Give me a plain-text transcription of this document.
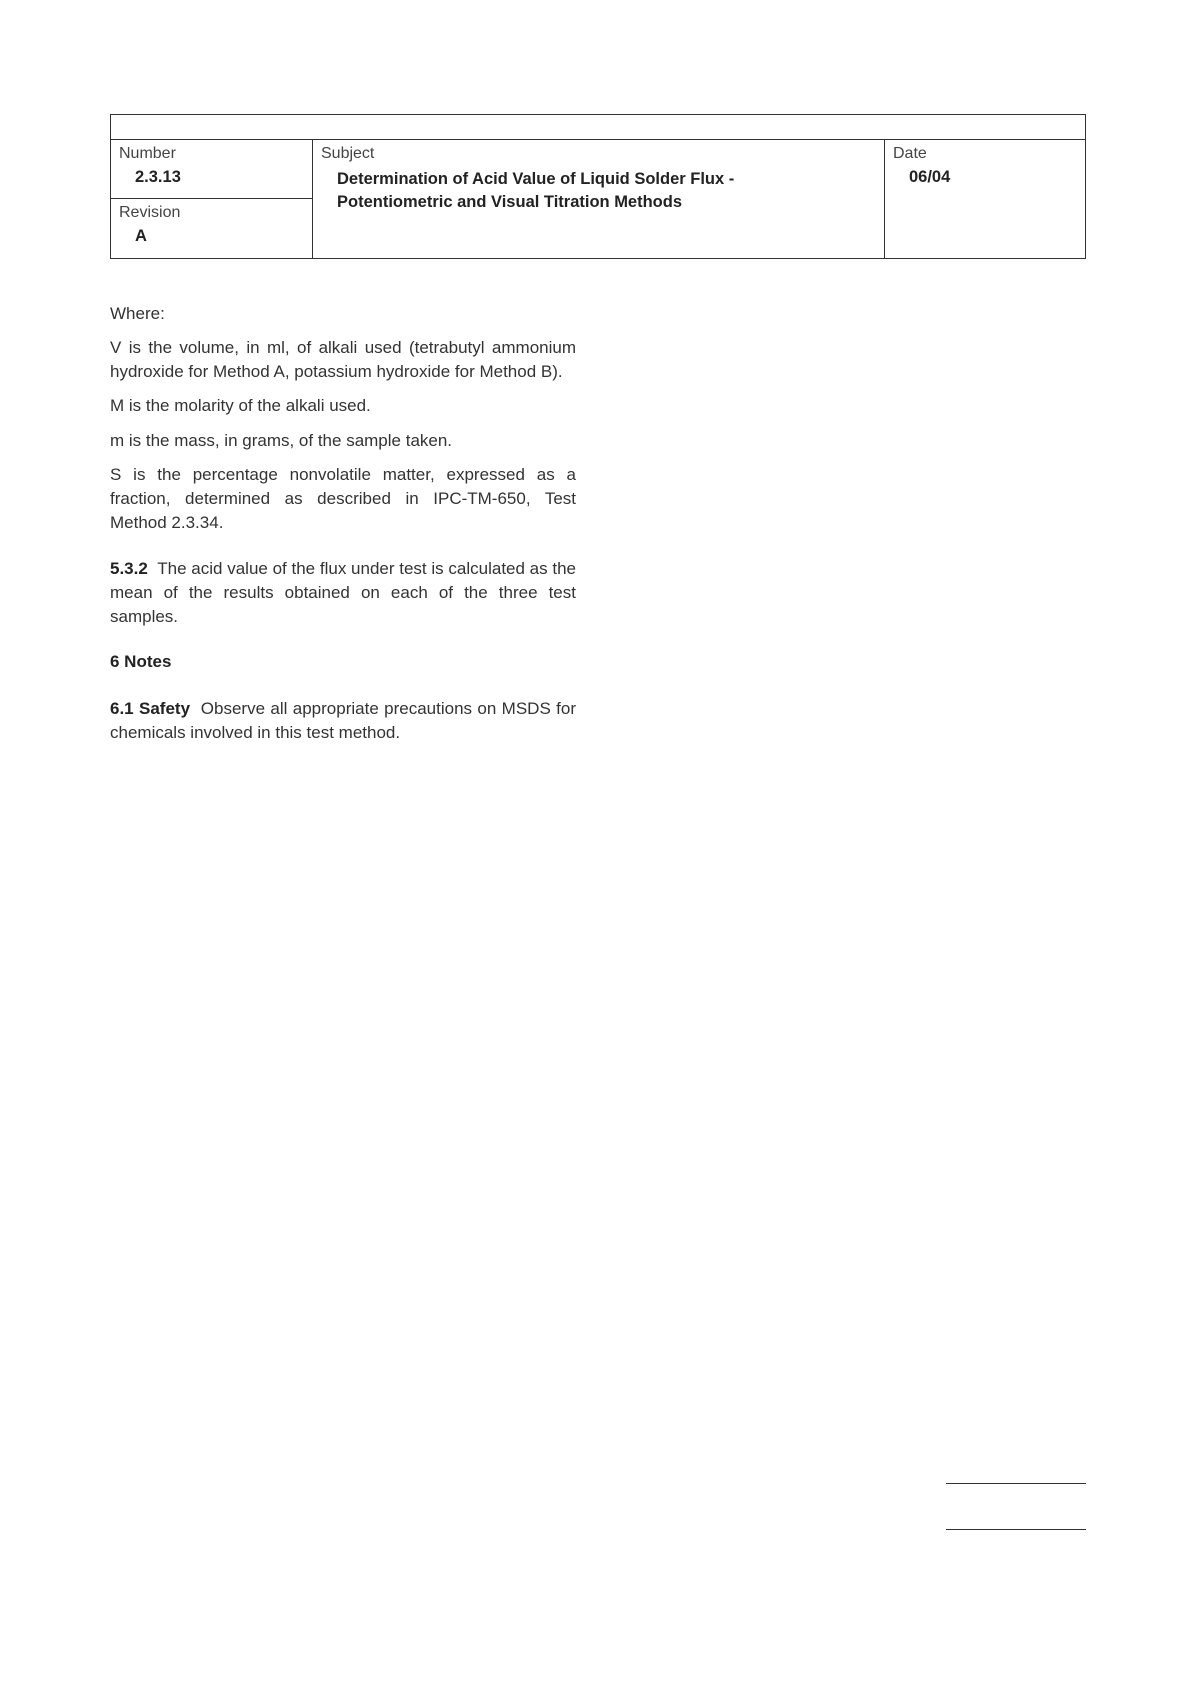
Number
2.3.13
Revision
A
Subject
Determination of Acid Value of Liquid Solder Flux -
Potentiometric and Visual Titration Methods
Date
06/04

Where:

V is the volume, in ml, of alkali used (tetrabutyl ammonium hydroxide for Method A, potassium hydroxide for Method B).

M is the molarity of the alkali used.

m is the mass, in grams, of the sample taken.

S is the percentage nonvolatile matter, expressed as a fraction, determined as described in IPC-TM-650, Test Method 2.3.34.

5.3.2 The acid value of the flux under test is calculated as the mean of the results obtained on each of the three test samples.

6 Notes

6.1 Safety Observe all appropriate precautions on MSDS for chemicals involved in this test method.
